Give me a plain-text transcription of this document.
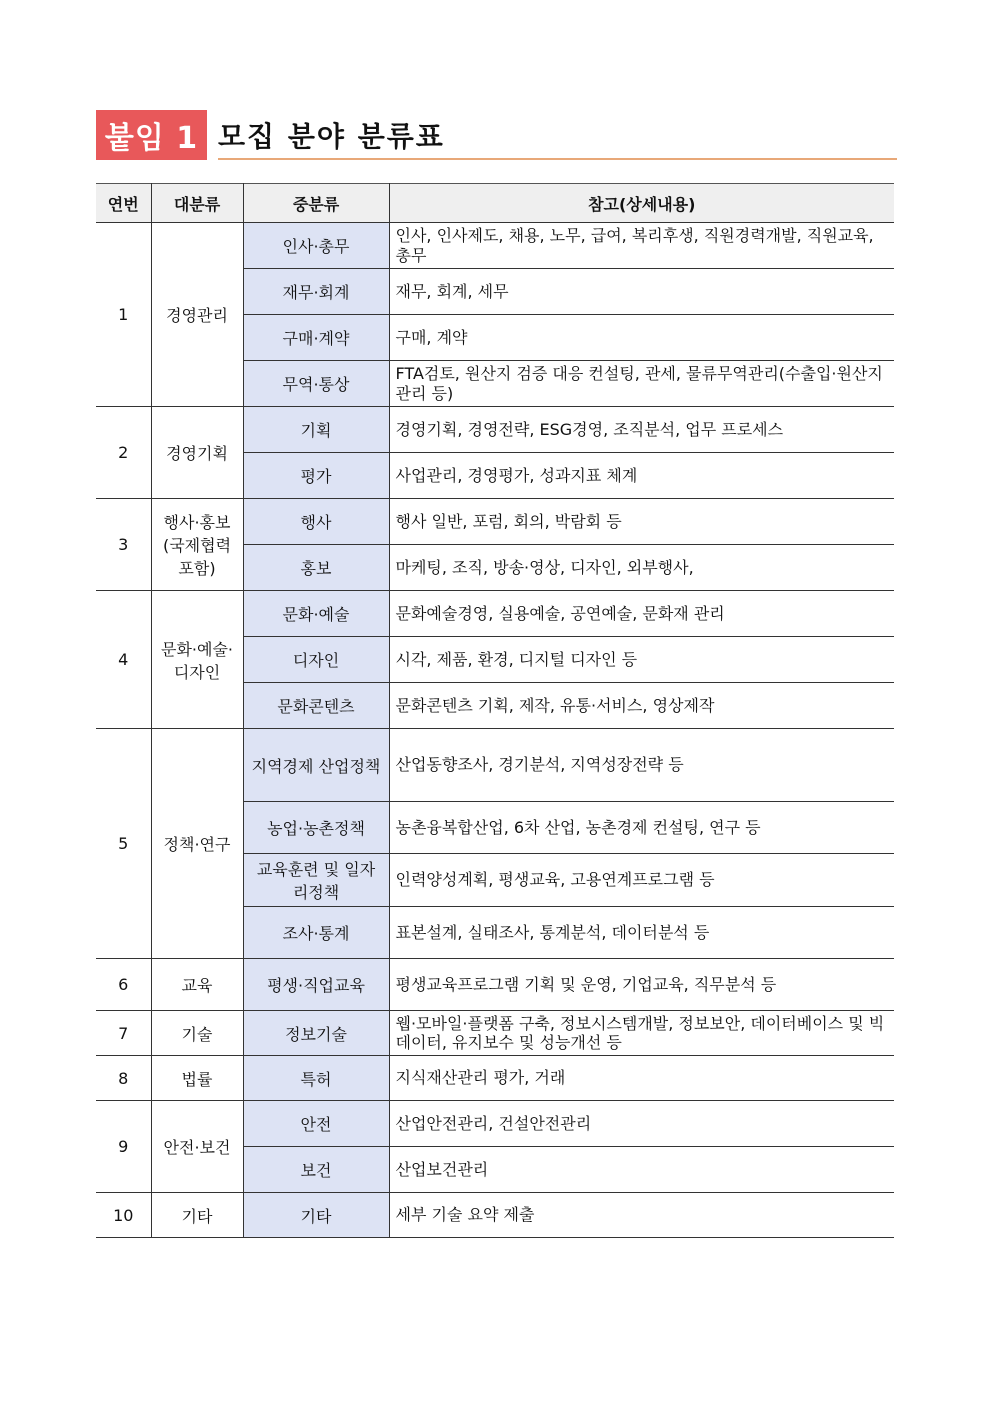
붙임 1 모집 분야 분류표
연번	대분류	중분류	참고(상세내용)
1	경영관리	인사·총무	인사, 인사제도, 채용, 노무, 급여, 복리후생, 직원경력개발, 직원교육, 총무
		재무·회계	재무, 회계, 세무
		구매·계약	구매, 계약
		무역·통상	FTA검토, 원산지 검증 대응 컨설팅, 관세, 물류무역관리(수출입·원산지 관리 등)
2	경영기획	기획	경영기획, 경영전략, ESG경영, 조직분석, 업무 프로세스
		평가	사업관리, 경영평가, 성과지표 체계
3	행사·홍보 (국제협력 포함)	행사	행사 일반, 포럼, 회의, 박람회 등
		홍보	마케팅, 조직, 방송·영상, 디자인, 외부행사,
4	문화·예술· 디자인	문화·예술	문화예술경영, 실용예술, 공연예술, 문화재 관리
		디자인	시각, 제품, 환경, 디지털 디자인 등
		문화콘텐츠	문화콘텐츠 기획, 제작, 유통·서비스, 영상제작
5	정책·연구	지역경제 산업정책	산업동향조사, 경기분석, 지역성장전략 등
		농업·농촌정책	농촌융복합산업, 6차 산업, 농촌경제 컨설팅, 연구 등
		교육훈련 및 일자리정책	인력양성계획, 평생교육, 고용연계프로그램 등
		조사·통계	표본설계, 실태조사, 통계분석, 데이터분석 등
6	교육	평생·직업교육	평생교육프로그램 기획 및 운영, 기업교육, 직무분석 등
7	기술	정보기술	웹·모바일·플랫폼 구축, 정보시스템개발, 정보보안, 데이터베이스 및 빅데이터, 유지보수 및 성능개선 등
8	법률	특허	지식재산관리 평가, 거래
9	안전·보건	안전	산업안전관리, 건설안전관리
		보건	산업보건관리
10	기타	기타	세부 기술 요약 제출
